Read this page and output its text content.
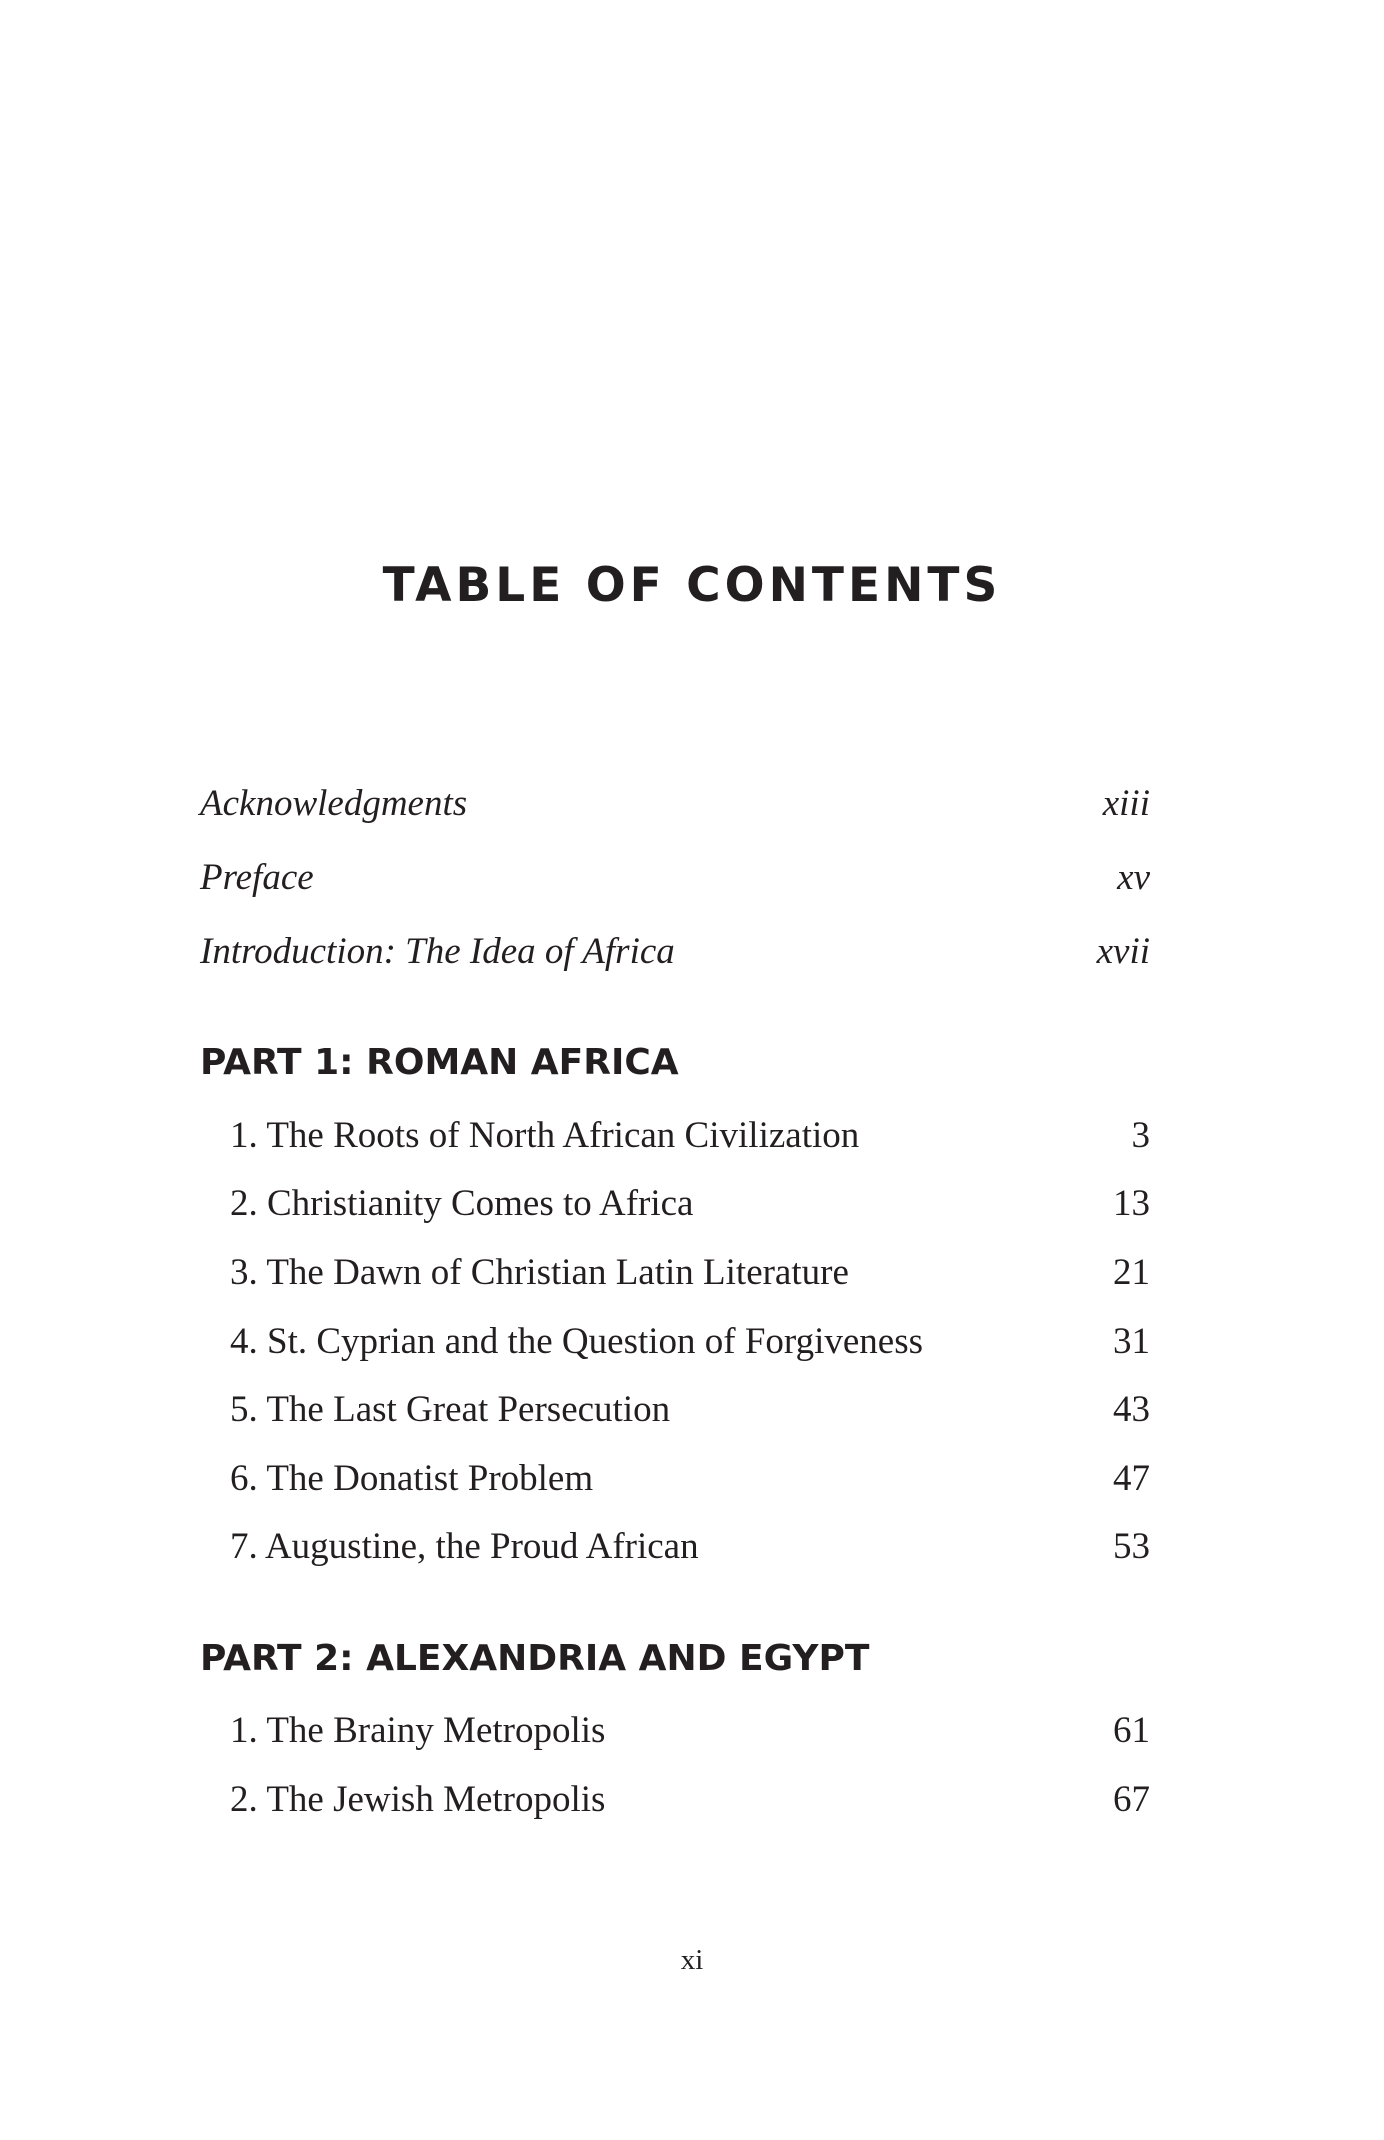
TABLE OF CONTENTS
Acknowledgments	xiii
Preface	xv
Introduction: The Idea of Africa	xvii
PART 1: ROMAN AFRICA
1. The Roots of North African Civilization	3
2. Christianity Comes to Africa	13
3. The Dawn of Christian Latin Literature	21
4. St. Cyprian and the Question of Forgiveness	31
5. The Last Great Persecution	43
6. The Donatist Problem	47
7. Augustine, the Proud African	53
PART 2: ALEXANDRIA AND EGYPT
1. The Brainy Metropolis	61
2. The Jewish Metropolis	67
xi
